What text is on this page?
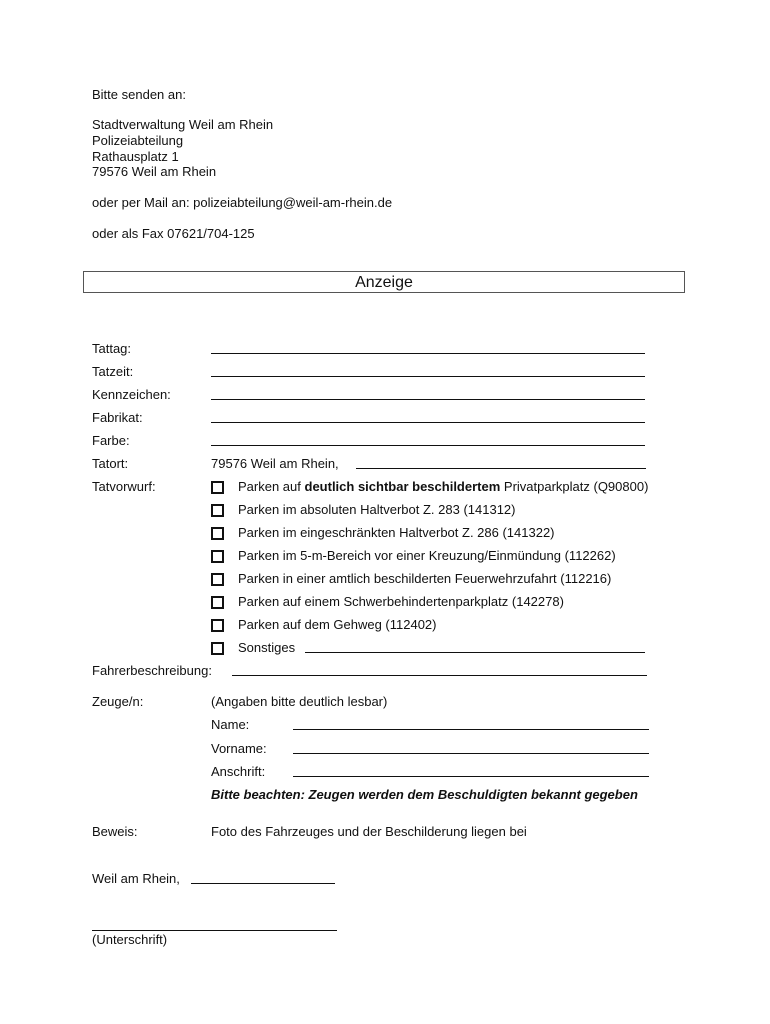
Bitte senden an:
Stadtverwaltung Weil am Rhein
Polizeiabteilung
Rathausplatz 1
79576 Weil am Rhein
oder per Mail an: polizeiabteilung@weil-am-rhein.de
oder als Fax 07621/704-125
Anzeige
Tattag:
Tatzeit:
Kennzeichen:
Fabrikat:
Farbe:
Tatort:	79576 Weil am Rhein,
Tatvorwurf:	Parken auf deutlich sichtbar beschildertem Privatparkplatz (Q90800)
Parken im absoluten Haltverbot Z. 283 (141312)
Parken im eingeschränkten Haltverbot Z. 286 (141322)
Parken im 5-m-Bereich vor einer Kreuzung/Einmündung (112262)
Parken in einer amtlich beschilderten Feuerwehrzufahrt (112216)
Parken auf einem Schwerbehindertenparkplatz (142278)
Parken auf dem Gehweg (112402)
Sonstiges
Fahrerbeschreibung:
Zeuge/n:	(Angaben bitte deutlich lesbar)
Name:
Vorname:
Anschrift:
Bitte beachten: Zeugen werden dem Beschuldigten bekannt gegeben
Beweis:	Foto des Fahrzeuges und der Beschilderung liegen bei
Weil am Rhein,
(Unterschrift)
